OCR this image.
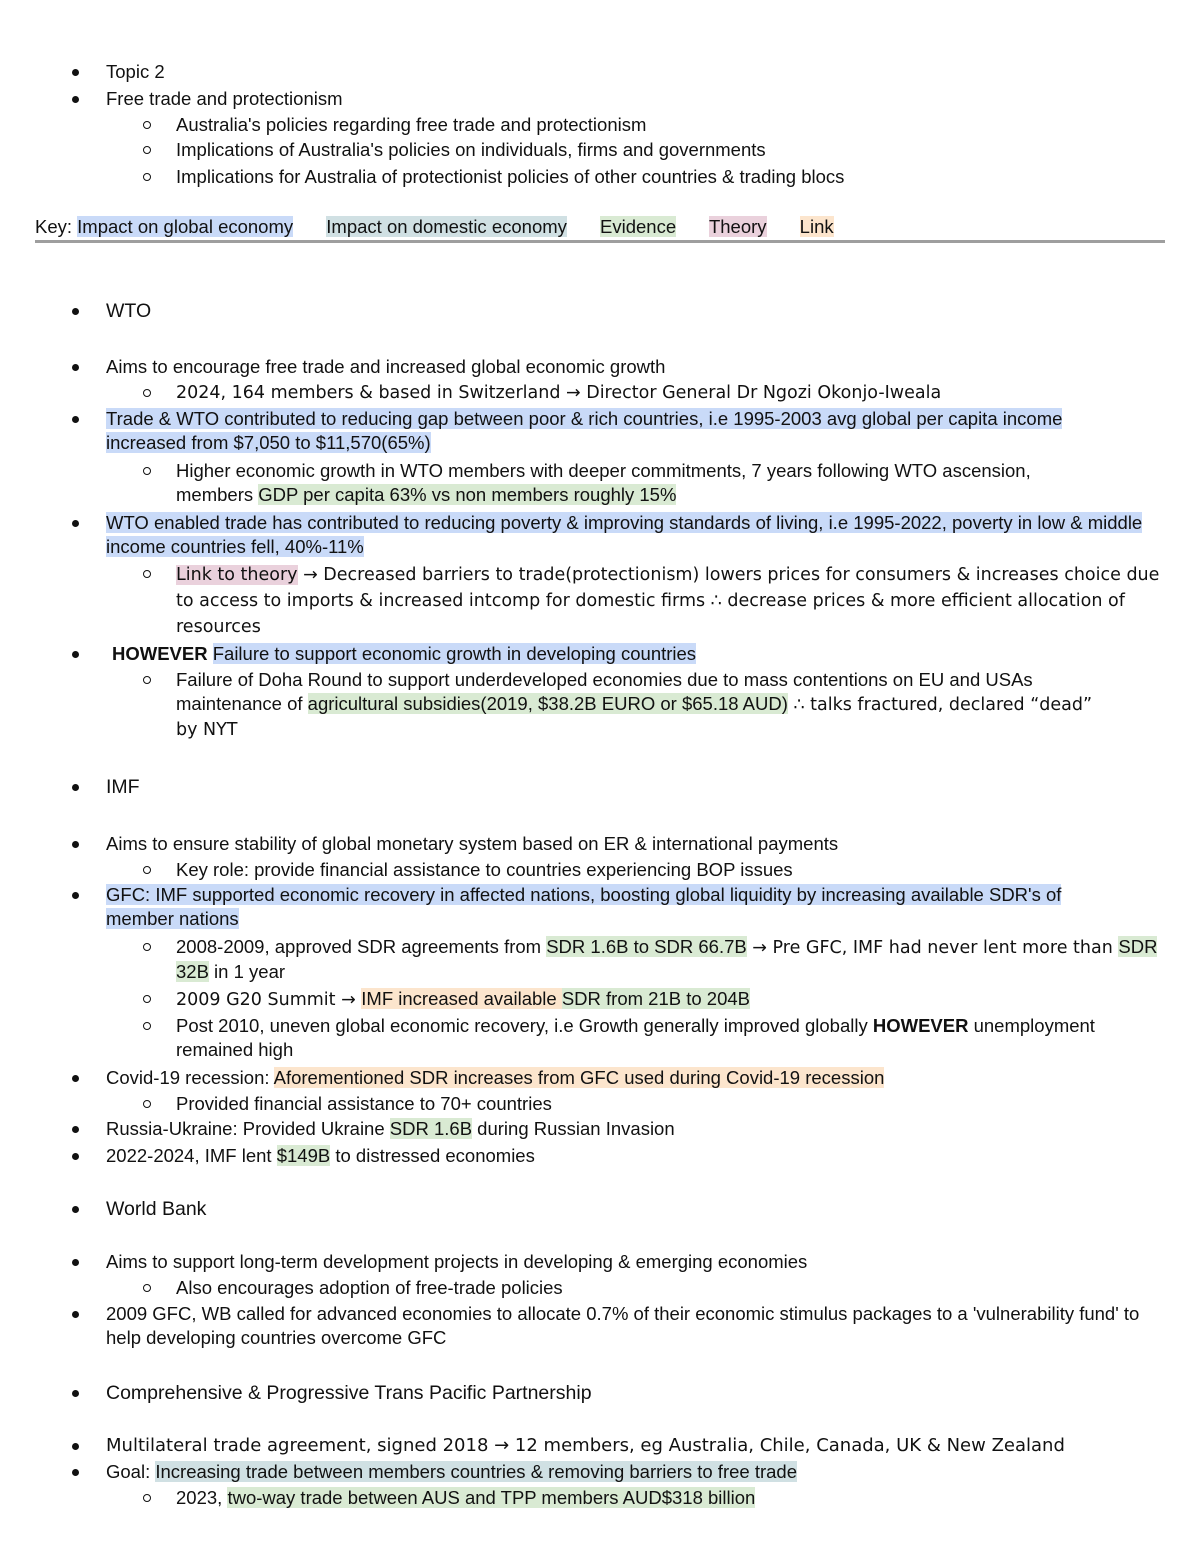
Topic 2
Free trade and protectionism
Australia's policies regarding free trade and protectionism
Implications of Australia's policies on individuals, firms and governments
Implications for Australia of protectionist policies of other countries & trading blocs
Key: Impact on global economy Impact on domestic economy Evidence Theory Link
WTO
Aims to encourage free trade and increased global economic growth
2024, 164 members & based in Switzerland → Director General Dr Ngozi Okonjo-Iweala
Trade & WTO contributed to reducing gap between poor & rich countries, i.e 1995-2003 avg global per capita income increased from $7,050 to $11,570(65%)
Higher economic growth in WTO members with deeper commitments, 7 years following WTO ascension, members GDP per capita 63% vs non members roughly 15%
WTO enabled trade has contributed to reducing poverty & improving standards of living, i.e 1995-2022, poverty in low & middle income countries fell, 40%-11%
Link to theory → Decreased barriers to trade(protectionism) lowers prices for consumers & increases choice due to access to imports & increased intcomp for domestic firms ∴ decrease prices & more efficient allocation of resources
HOWEVER Failure to support economic growth in developing countries
Failure of Doha Round to support underdeveloped economies due to mass contentions on EU and USAs maintenance of agricultural subsidies(2019, $38.2B EURO or $65.18 AUD) ∴ talks fractured, declared “dead” by NYT
IMF
Aims to ensure stability of global monetary system based on ER & international payments
Key role: provide financial assistance to countries experiencing BOP issues
GFC: IMF supported economic recovery in affected nations, boosting global liquidity by increasing available SDR's of member nations
2008-2009, approved SDR agreements from SDR 1.6B to SDR 66.7B → Pre GFC, IMF had never lent more than SDR 32B in 1 year
2009 G20 Summit → IMF increased available SDR from 21B to 204B
Post 2010, uneven global economic recovery, i.e Growth generally improved globally HOWEVER unemployment remained high
Covid-19 recession: Aforementioned SDR increases from GFC used during Covid-19 recession
Provided financial assistance to 70+ countries
Russia-Ukraine: Provided Ukraine SDR 1.6B during Russian Invasion
2022-2024, IMF lent $149B to distressed economies
World Bank
Aims to support long-term development projects in developing & emerging economies
Also encourages adoption of free-trade policies
2009 GFC, WB called for advanced economies to allocate 0.7% of their economic stimulus packages to a 'vulnerability fund' to help developing countries overcome GFC
Comprehensive & Progressive Trans Pacific Partnership
Multilateral trade agreement, signed 2018 → 12 members, eg Australia, Chile, Canada, UK & New Zealand
Goal: Increasing trade between members countries & removing barriers to free trade
2023, two-way trade between AUS and TPP members AUD$318 billion
